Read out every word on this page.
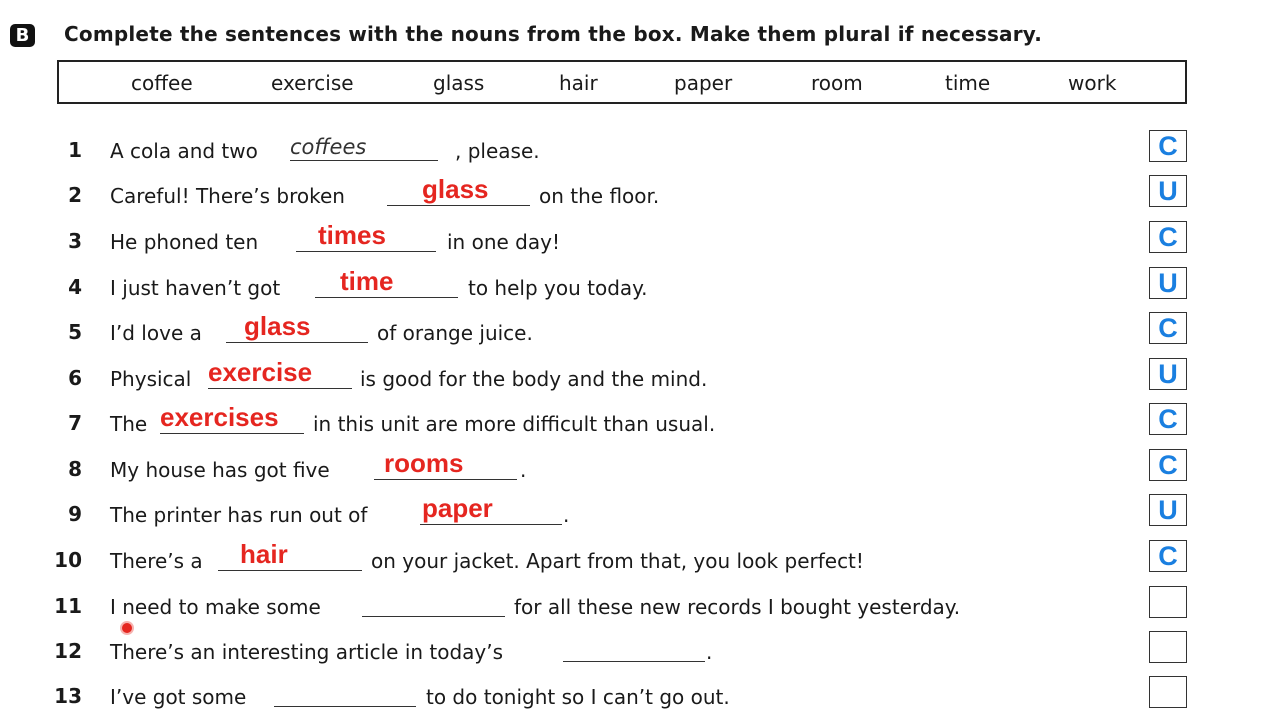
B Complete the sentences with the nouns from the box. Make them plural if necessary.
coffee	exercise	glass	hair	paper	room	time	work
1 A cola and two coffees	, please.	C
2 Careful! There’s broken	glass	on the floor.	U
3 He phoned ten times	in one day!	C
4 I just haven’t got time	to help you today.	U
5 I’d love a glass	of orange juice.	C
6 Physical exercise is good for the body and the mind.	U
7 The exercises in this unit are more difficult than usual.	C
8 My house has got five rooms	.	C
9 The printer has run out of paper	.	U
10 There’s a hair	on your jacket. Apart from that, you look perfect!	C
11 I need to make some	for all these new records I bought yesterday.
12 There’s an interesting article in today’s	.
13 I’ve got some	to do tonight so I can’t go out.
